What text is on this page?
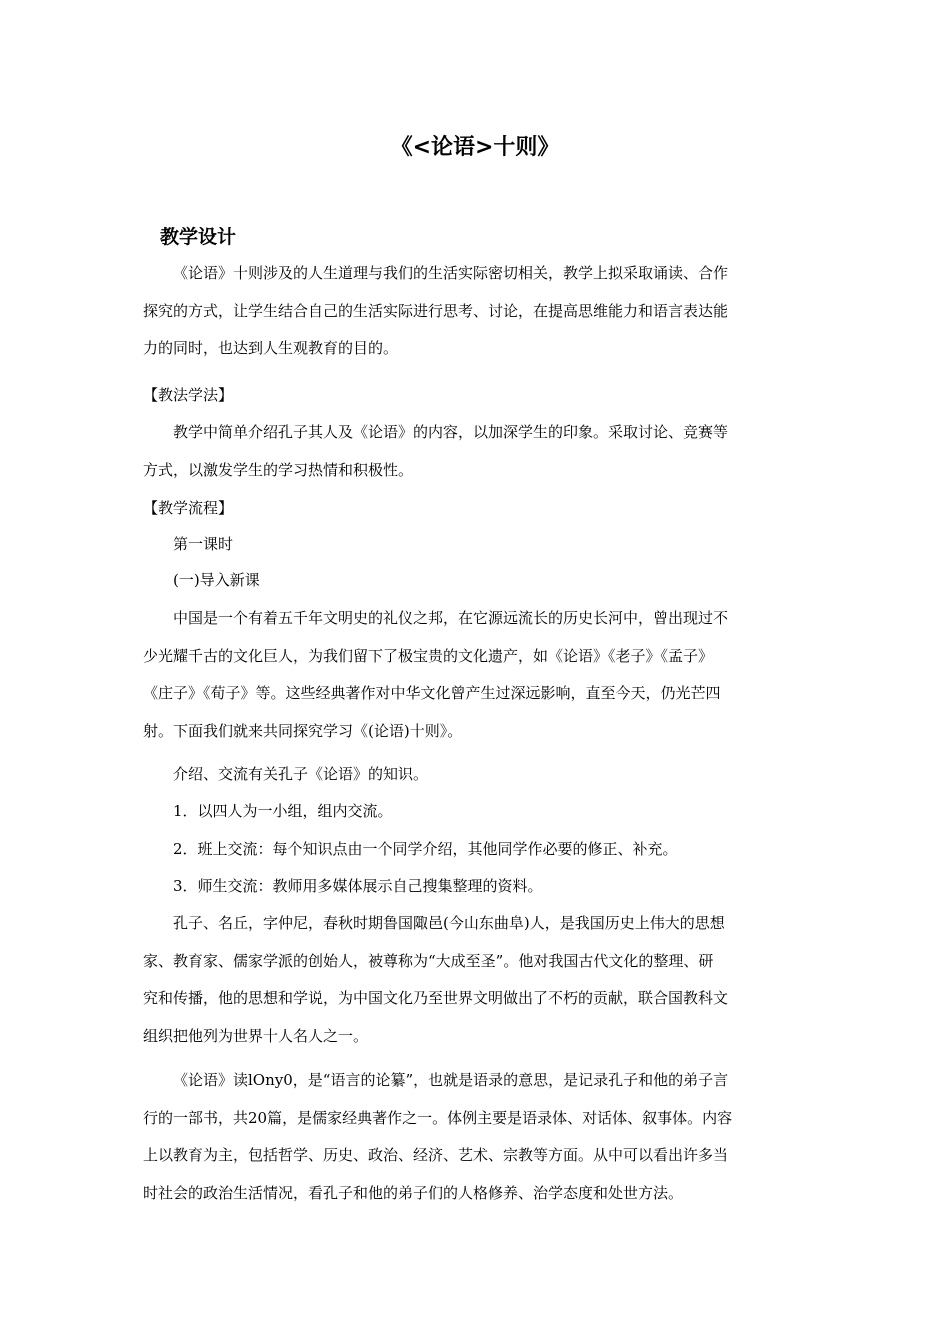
《<论语>十则》
教学设计
《论语》十则涉及的人生道理与我们的生活实际密切相关，教学上拟采取诵读、合作
探究的方式，让学生结合自己的生活实际进行思考、讨论，在提高思维能力和语言表达能
力的同时，也达到人生观教育的目的。
【教法学法】
教学中简单介绍孔子其人及《论语》的内容，以加深学生的印象。采取讨论、竞赛等
方式，以激发学生的学习热情和积极性。
【教学流程】
第一课时
(一)导入新课
中国是一个有着五千年文明史的礼仪之邦，在它源远流长的历史长河中，曾出现过不
少光耀千古的文化巨人，为我们留下了极宝贵的文化遗产，如《论语》《老子》《孟子》
《庄子》《荀子》等。这些经典著作对中华文化曾产生过深远影响，直至今天，仍光芒四
射。下面我们就来共同探究学习《(论语)十则》。
介绍、交流有关孔子《论语》的知识。
1．以四人为一小组，组内交流。
2．班上交流：每个知识点由一个同学介绍，其他同学作必要的修正、补充。
3．师生交流：教师用多媒体展示自己搜集整理的资料。
孔子、名丘，字仲尼，春秋时期鲁国陬邑(今山东曲阜)人，是我国历史上伟大的思想
家、教育家、儒家学派的创始人，被尊称为“大成至圣”。他对我国古代文化的整理、研
究和传播，他的思想和学说，为中国文化乃至世界文明做出了不朽的贡献，联合国教科文
组织把他列为世界十人名人之一。
《论语》读lOny0，是“语言的论纂”，也就是语录的意思，是记录孔子和他的弟子言
行的一部书，共20篇，是儒家经典著作之一。体例主要是语录体、对话体、叙事体。内容
上以教育为主，包括哲学、历史、政治、经济、艺术、宗教等方面。从中可以看出许多当
时社会的政治生活情况，看孔子和他的弟子们的人格修养、治学态度和处世方法。
